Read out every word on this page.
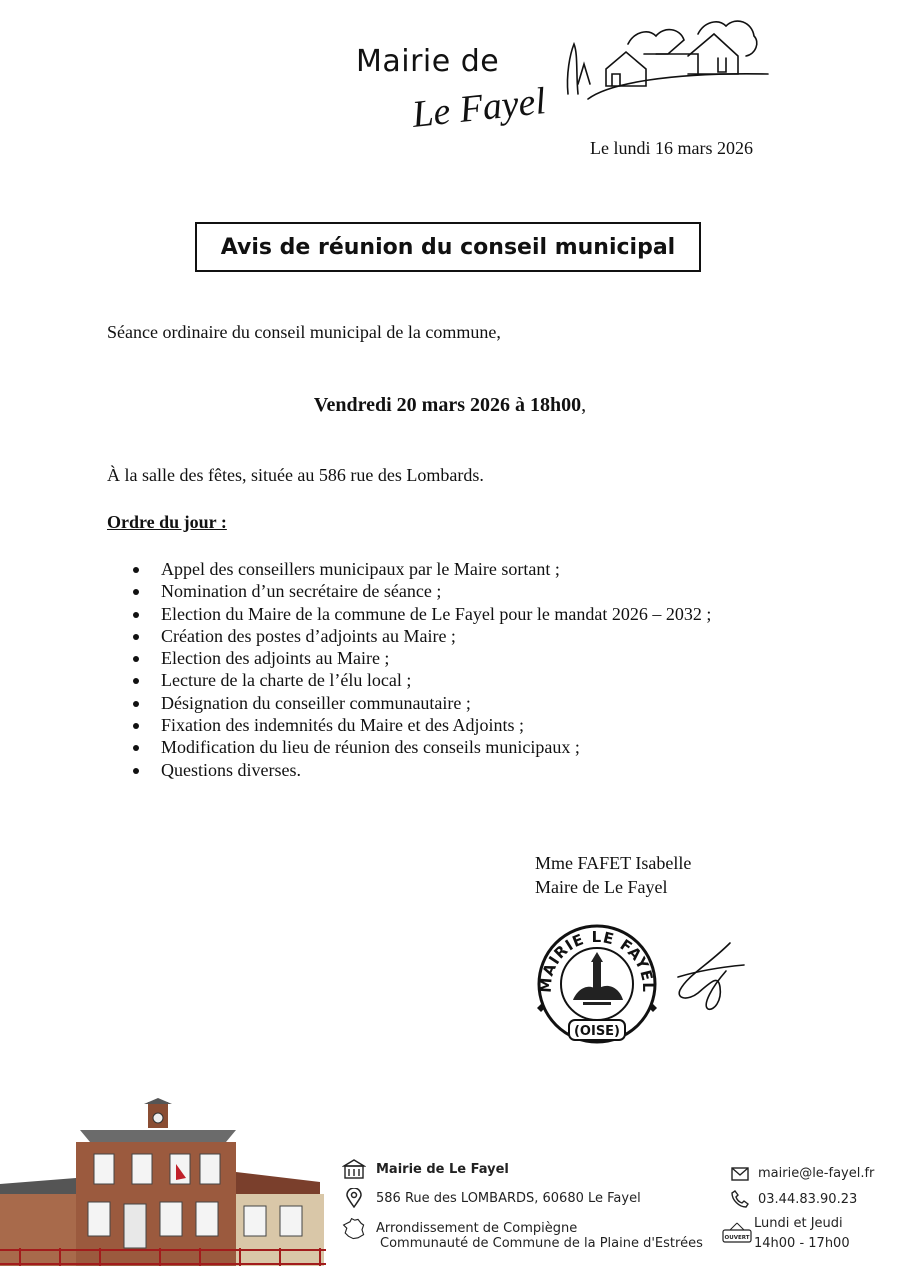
Mairie de
Le Fayel
Le lundi 16 mars 2026
Avis de réunion du conseil municipal
Séance ordinaire du conseil municipal de la commune,
Vendredi 20 mars 2026 à 18h00,
À la salle des fêtes, située au 586 rue des Lombards.
Ordre du jour :
Appel des conseillers municipaux par le Maire sortant ;
Nomination d’un secrétaire de séance ;
Election du Maire de la commune de Le Fayel pour le mandat 2026 – 2032 ;
Création des postes d’adjoints au Maire ;
Election des adjoints au Maire ;
Lecture de la charte de l’élu local ;
Désignation du conseiller communautaire ;
Fixation des indemnités du Maire et des Adjoints ;
Modification du lieu de réunion des conseils municipaux ;
Questions diverses.
Mme FAFET Isabelle
Maire de Le Fayel
MAIRIE LE FAYEL
(OISE)
Mairie de Le Fayel
586 Rue des LOMBARDS, 60680 Le Fayel
Arrondissement de Compiègne
Communauté de Commune de la Plaine d'Estrées
mairie@le-fayel.fr
03.44.83.90.23
OUVERT
Lundi et Jeudi
14h00 - 17h00
